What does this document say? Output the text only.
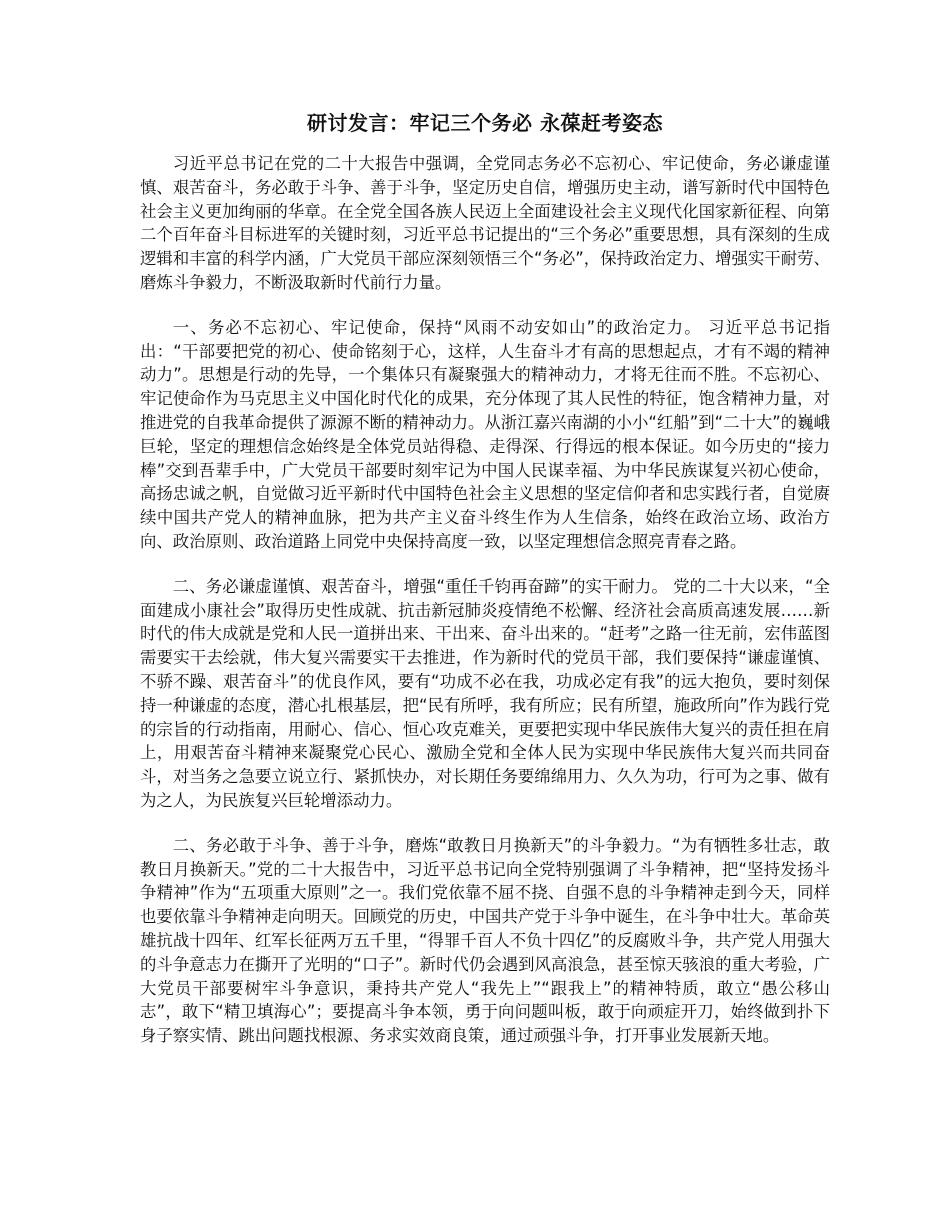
研讨发言：牢记三个务必 永葆赶考姿态

习近平总书记在党的二十大报告中强调，全党同志务必不忘初心、牢记使命，务必谦虚谨慎、艰苦奋斗，务必敢于斗争、善于斗争，坚定历史自信，增强历史主动，谱写新时代中国特色社会主义更加绚丽的华章。在全党全国各族人民迈上全面建设社会主义现代化国家新征程、向第二个百年奋斗目标进军的关键时刻，习近平总书记提出的“三个务必”重要思想，具有深刻的生成逻辑和丰富的科学内涵，广大党员干部应深刻领悟三个“务必”，保持政治定力、增强实干耐劳、磨炼斗争毅力，不断汲取新时代前行力量。

一、务必不忘初心、牢记使命，保持“风雨不动安如山”的政治定力。 习近平总书记指出：“干部要把党的初心、使命铭刻于心，这样，人生奋斗才有高的思想起点，才有不竭的精神动力”。思想是行动的先导，一个集体只有凝聚强大的精神动力，才将无往而不胜。不忘初心、牢记使命作为马克思主义中国化时代化的成果，充分体现了其人民性的特征，饱含精神力量，对推进党的自我革命提供了源源不断的精神动力。从浙江嘉兴南湖的小小“红船”到“二十大”的巍峨巨轮，坚定的理想信念始终是全体党员站得稳、走得深、行得远的根本保证。如今历史的“接力棒”交到吾辈手中，广大党员干部要时刻牢记为中国人民谋幸福、为中华民族谋复兴初心使命，高扬忠诚之帆，自觉做习近平新时代中国特色社会主义思想的坚定信仰者和忠实践行者，自觉赓续中国共产党人的精神血脉，把为共产主义奋斗终生作为人生信条，始终在政治立场、政治方向、政治原则、政治道路上同党中央保持高度一致，以坚定理想信念照亮青春之路。

二、务必谦虚谨慎、艰苦奋斗，增强“重任千钧再奋蹄”的实干耐力。 党的二十大以来，“全面建成小康社会”取得历史性成就、抗击新冠肺炎疫情绝不松懈、经济社会高质高速发展……新时代的伟大成就是党和人民一道拼出来、干出来、奋斗出来的。“赶考”之路一往无前，宏伟蓝图需要实干去绘就，伟大复兴需要实干去推进，作为新时代的党员干部，我们要保持“谦虚谨慎、不骄不躁、艰苦奋斗”的优良作风，要有“功成不必在我，功成必定有我”的远大抱负，要时刻保持一种谦虚的态度，潜心扎根基层，把“民有所呼，我有所应；民有所望，施政所向”作为践行党的宗旨的行动指南，用耐心、信心、恒心攻克难关，更要把实现中华民族伟大复兴的责任担在肩上，用艰苦奋斗精神来凝聚党心民心、激励全党和全体人民为实现中华民族伟大复兴而共同奋斗，对当务之急要立说立行、紧抓快办，对长期任务要绵绵用力、久久为功，行可为之事、做有为之人，为民族复兴巨轮增添动力。

二、务必敢于斗争、善于斗争，磨炼“敢教日月换新天”的斗争毅力。“为有牺牲多壮志，敢教日月换新天。”党的二十大报告中，习近平总书记向全党特别强调了斗争精神，把“坚持发扬斗争精神”作为“五项重大原则”之一。我们党依靠不屈不挠、自强不息的斗争精神走到今天，同样也要依靠斗争精神走向明天。回顾党的历史，中国共产党于斗争中诞生，在斗争中壮大。革命英雄抗战十四年、红军长征两万五千里，“得罪千百人不负十四亿”的反腐败斗争，共产党人用强大的斗争意志力在撕开了光明的“口子”。新时代仍会遇到风高浪急，甚至惊天骇浪的重大考验，广大党员干部要树牢斗争意识，秉持共产党人“我先上”“跟我上”的精神特质，敢立“愚公移山志”，敢下“精卫填海心”；要提高斗争本领，勇于向问题叫板，敢于向顽症开刀，始终做到扑下身子察实情、跳出问题找根源、务求实效商良策，通过顽强斗争，打开事业发展新天地。
